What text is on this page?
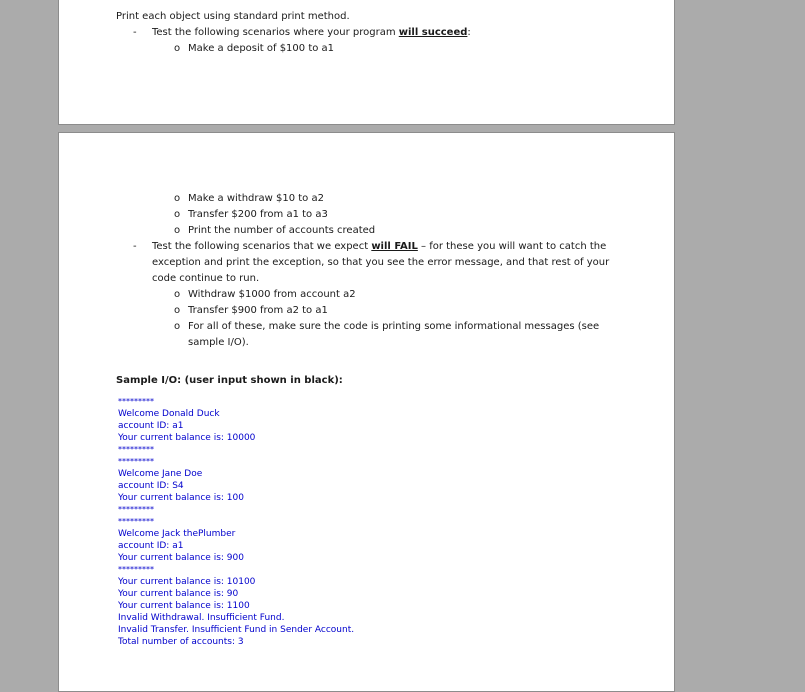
Print each object using standard print method.
- Test the following scenarios where your program will succeed:
o Make a deposit of $100 to a1
o Make a withdraw $10 to a2
o Transfer $200 from a1 to a3
o Print the number of accounts created
- Test the following scenarios that we expect will FAIL – for these you will want to catch the
exception and print the exception, so that you see the error message, and that rest of your
code continue to run.
o Withdraw $1000 from account a2
o Transfer $900 from a2 to a1
o For all of these, make sure the code is printing some informational messages (see
sample I/O).
Sample I/O: (user input shown in black):
*********
Welcome Donald Duck
account ID: a1
Your current balance is: 10000
*********
*********
Welcome Jane Doe
account ID: S4
Your current balance is: 100
*********
*********
Welcome Jack thePlumber
account ID: a1
Your current balance is: 900
*********
Your current balance is: 10100
Your current balance is: 90
Your current balance is: 1100
Invalid Withdrawal. Insufficient Fund.
Invalid Transfer. Insufficient Fund in Sender Account.
Total number of accounts: 3
